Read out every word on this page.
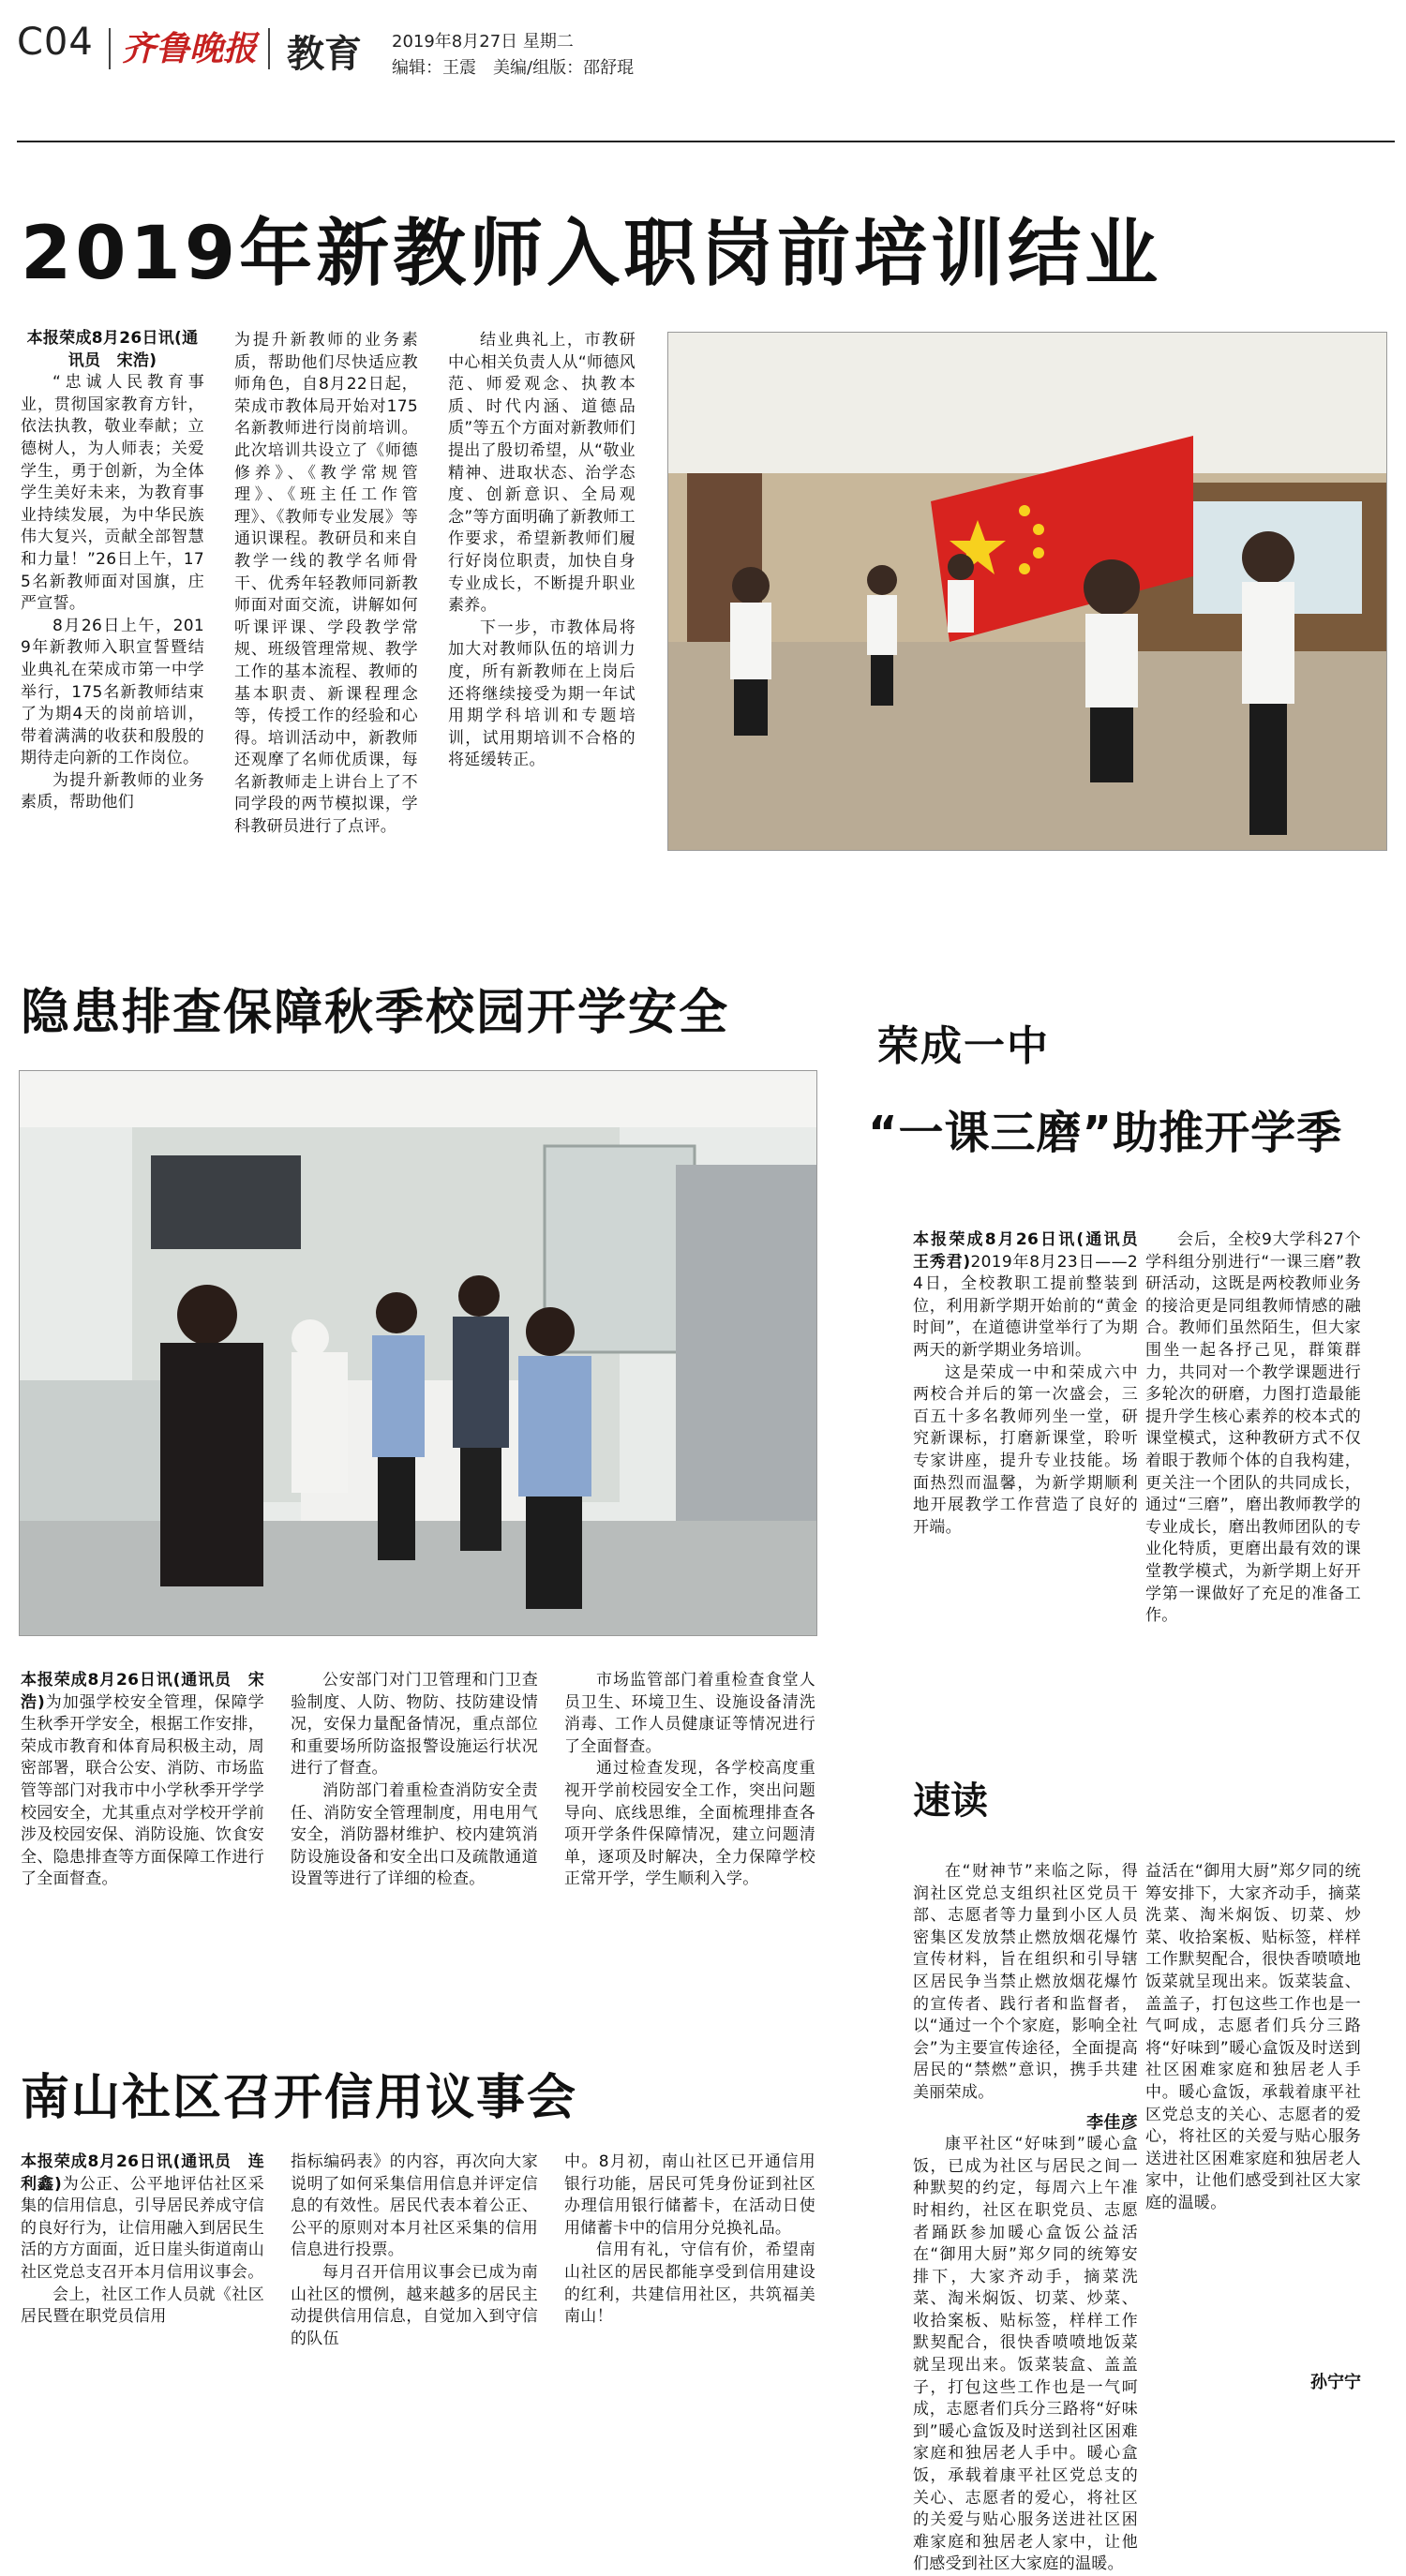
C04 齐鲁晚报 教育 2019年8月27日 星期二
编辑：王震　美编/组版：邵舒琨
2019年新教师入职岗前培训结业

本报荣成8月26日讯(通讯员　宋浩)

“忠诚人民教育事业，贯彻国家教育方针，依法执教，敬业奉献；立德树人，为人师表；关爱学生，勇于创新，为全体学生美好未来，为教育事业持续发展，为中华民族伟大复兴，贡献全部智慧和力量！”26日上午，175名新教师面对国旗，庄严宣誓。

8月26日上午，2019年新教师入职宣誓暨结业典礼在荣成市第一中学举行，175名新教师结束了为期4天的岗前培训，带着满满的收获和殷殷的期待走向新的工作岗位。

为提升新教师的业务素质，帮助他们

为提升新教师的业务素质，帮助他们尽快适应教师角色，自8月22日起，荣成市教体局开始对175名新教师进行岗前培训。此次培训共设立了《师德修养》、《教学常规管理》、《班主任工作管理》、《教师专业发展》等通识课程。教研员和来自教学一线的教学名师骨干、优秀年轻教师同新教师面对面交流，讲解如何听课评课、学段教学常规、班级管理常规、教学工作的基本流程、教师的基本职责、新课程理念等，传授工作的经验和心得。培训活动中，新教师还观摩了名师优质课，每名新教师走上讲台上了不同学段的两节模拟课，学科教研员进行了点评。

结业典礼上，市教研中心相关负责人从“师德风范、师爱观念、执教本质、时代内涵、道德品质”等五个方面对新教师们提出了殷切希望，从“敬业精神、进取状态、治学态度、创新意识、全局观念”等方面明确了新教师工作要求，希望新教师们履行好岗位职责，加快自身专业成长，不断提升职业素养。

下一步，市教体局将加大对教师队伍的培训力度，所有新教师在上岗后还将继续接受为期一年试用期学科培训和专题培训，试用期培训不合格的将延缓转正。

隐患排查保障秋季校园开学安全

本报荣成8月26日讯(通讯员　宋浩)为加强学校安全管理，保障学生秋季开学安全，根据工作安排，荣成市教育和体育局积极主动，周密部署，联合公安、消防、市场监管等部门对我市中小学秋季开学学校园安全，尤其重点对学校开学前涉及校园安保、消防设施、饮食安全、隐患排查等方面保障工作进行了全面督查。

公安部门对门卫管理和门卫查验制度、人防、物防、技防建设情况，安保力量配备情况，重点部位和重要场所防盗报警设施运行状况进行了督查。

消防部门着重检查消防安全责任、消防安全管理制度，用电用气安全，消防器材维护、校内建筑消防设施设备和安全出口及疏散通道设置等进行了详细的检查。

市场监管部门着重检查食堂人员卫生、环境卫生、设施设备清洗消毒、工作人员健康证等情况进行了全面督查。

通过检查发现，各学校高度重视开学前校园安全工作，突出问题导向、底线思维，全面梳理排查各项开学条件保障情况，建立问题清单，逐项及时解决，全力保障学校正常开学，学生顺利入学。

荣成一中
“一课三磨”助推开学季

本报荣成8月26日讯(通讯员　王秀君)2019年8月23日——24日，全校教职工提前整装到位，利用新学期开始前的“黄金时间”，在道德讲堂举行了为期两天的新学期业务培训。

这是荣成一中和荣成六中两校合并后的第一次盛会，三百五十多名教师列坐一堂，研究新课标，打磨新课堂，聆听专家讲座，提升专业技能。场面热烈而温馨，为新学期顺利地开展教学工作营造了良好的开端。

会后，全校9大学科27个学科组分别进行“一课三磨”教研活动，这既是两校教师业务的接洽更是同组教师情感的融合。教师们虽然陌生，但大家围坐一起各抒己见，群策群力，共同对一个教学课题进行多轮次的研磨，力图打造最能提升学生核心素养的校本式的课堂模式，这种教研方式不仅着眼于教师个体的自我构建，更关注一个团队的共同成长，通过“三磨”，磨出教师教学的专业成长，磨出教师团队的专业化特质，更磨出最有效的课堂教学模式，为新学期上好开学第一课做好了充足的准备工作。

速读

在“财神节”来临之际，得润社区党总支组织社区党员干部、志愿者等力量到小区人员密集区发放禁止燃放烟花爆竹宣传材料，旨在组织和引导辖区居民争当禁止燃放烟花爆竹的宣传者、践行者和监督者，以“通过一个个家庭，影响全社会”为主要宣传途径，全面提高居民的“禁燃”意识，携手共建美丽荣成。

李佳彦

康平社区“好味到”暖心盒饭，已成为社区与居民之间一种默契的约定，每周六上午准时相约，社区在职党员、志愿者踊跃参加暖心盒饭公益活在“御用大厨”郑夕同的统筹安排下，大家齐动手，摘菜洗菜、淘米焖饭、切菜、炒菜、收拾案板、贴标签，样样工作默契配合，很快香喷喷地饭菜就呈现出来。饭菜装盒、盖盖子，打包这些工作也是一气呵成，志愿者们兵分三路将“好味到”暖心盒饭及时送到社区困难家庭和独居老人手中。暖心盒饭，承载着康平社区党总支的关心、志愿者的爱心，将社区的关爱与贴心服务送进社区困难家庭和独居老人家中，让他们感受到社区大家庭的温暖。

益活在“御用大厨”郑夕同的统筹安排下，大家齐动手，摘菜洗菜、淘米焖饭、切菜、炒菜、收拾案板、贴标签，样样工作默契配合，很快香喷喷地饭菜就呈现出来。饭菜装盒、盖盖子，打包这些工作也是一气呵成，志愿者们兵分三路将“好味到”暖心盒饭及时送到社区困难家庭和独居老人手中。暖心盒饭，承载着康平社区党总支的关心、志愿者的爱心，将社区的关爱与贴心服务送进社区困难家庭和独居老人家中，让他们感受到社区大家庭的温暖。

孙宁宁
南山社区召开信用议事会

本报荣成8月26日讯(通讯员　连利鑫)为公正、公平地评估社区采集的信用信息，引导居民养成守信的良好行为，让信用融入到居民生活的方方面面，近日崖头街道南山社区党总支召开本月信用议事会。

会上，社区工作人员就《社区居民暨在职党员信用

指标编码表》的内容，再次向大家说明了如何采集信用信息并评定信息的有效性。居民代表本着公正、公平的原则对本月社区采集的信用信息进行投票。

每月召开信用议事会已成为南山社区的惯例，越来越多的居民主动提供信用信息，自觉加入到守信的队伍

中。8月初，南山社区已开通信用银行功能，居民可凭身份证到社区办理信用银行储蓄卡，在活动日使用储蓄卡中的信用分兑换礼品。

信用有礼，守信有价，希望南山社区的居民都能享受到信用建设的红利，共建信用社区，共筑福美南山！
